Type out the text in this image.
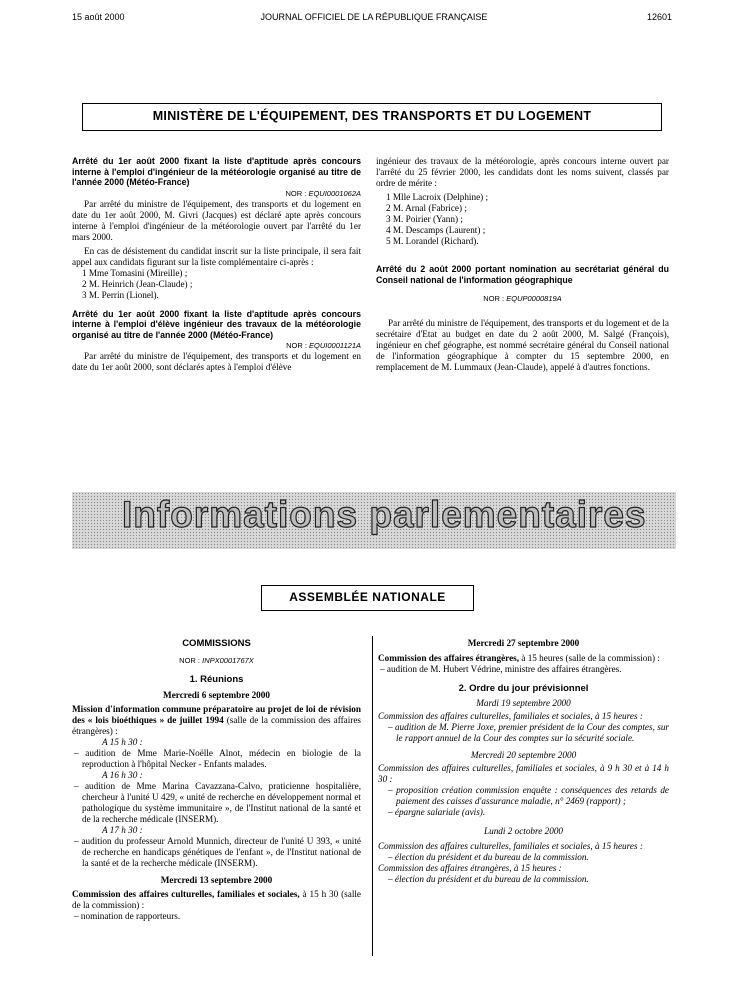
15 août 2000	JOURNAL OFFICIEL DE LA RÉPUBLIQUE FRANÇAISE	12601
MINISTÈRE DE L'ÉQUIPEMENT, DES TRANSPORTS ET DU LOGEMENT

Arrêté du 1er août 2000 fixant la liste d'aptitude après concours interne à l'emploi d'ingénieur de la météorologie organisé au titre de l'année 2000 (Météo-France)

NOR : EQUI0001062A

Par arrêté du ministre de l'équipement, des transports et du logement en date du 1er août 2000, M. Givri (Jacques) est déclaré apte après concours interne à l'emploi d'ingénieur de la météorologie ouvert par l'arrêté du 1er mars 2000.

En cas de désistement du candidat inscrit sur la liste principale, il sera fait appel aux candidats figurant sur la liste complémentaire ci-après :

1 Mme Tomasini (Mireille) ;

2 M. Heinrich (Jean-Claude) ;

3 M. Perrin (Lionel).

Arrêté du 1er août 2000 fixant la liste d'aptitude après concours interne à l'emploi d'élève ingénieur des travaux de la météorologie organisé au titre de l'année 2000 (Météo-France)

NOR : EQUI0001121A

Par arrêté du ministre de l'équipement, des transports et du logement en date du 1er août 2000, sont déclarés aptes à l'emploi d'élève

ingénieur des travaux de la météorologie, après concours interne ouvert par l'arrêté du 25 février 2000, les candidats dont les noms suivent, classés par ordre de mérite :

1 Mlle Lacroix (Delphine) ;

2 M. Arnal (Fabrice) ;

3 M. Poirier (Yann) ;

4 M. Descamps (Laurent) ;

5 M. Lorandel (Richard).

Arrêté du 2 août 2000 portant nomination au secrétariat général du Conseil national de l'information géographique

NOR : EQUP0000819A

Par arrêté du ministre de l'équipement, des transports et du logement et de la secrétaire d'Etat au budget en date du 2 août 2000, M. Salgé (François), ingénieur en chef géographe, est nommé secrétaire général du Conseil national de l'information géographique à compter du 15 septembre 2000, en remplacement de M. Lummaux (Jean-Claude), appelé à d'autres fonctions.

Informations parlementaires
ASSEMBLÉE NATIONALE

COMMISSIONS

NOR : INPX0001767X

1. Réunions

Mercredi 6 septembre 2000

Mission d'information commune préparatoire au projet de loi de révision des « lois bioéthiques » de juillet 1994 (salle de la commission des affaires étrangères) :

A 15 h 30 :

– audition de Mme Marie-Noëlle Alnot, médecin en biologie de la reproduction à l'hôpital Necker - Enfants malades.

A 16 h 30 :

– audition de Mme Marina Cavazzana-Calvo, praticienne hospitalière, chercheur à l'unité U 429, « unité de recherche en développement normal et pathologique du système immunitaire », de l'Institut national de la santé et de la recherche médicale (INSERM).

A 17 h 30 :

– audition du professeur Arnold Munnich, directeur de l'unité U 393, « unité de recherche en handicaps génétiques de l'enfant », de l'Institut national de la santé et de la recherche médicale (INSERM).

Mercredi 13 septembre 2000

Commission des affaires culturelles, familiales et sociales, à 15 h 30 (salle de la commission) :

– nomination de rapporteurs.

Mercredi 27 septembre 2000

Commission des affaires étrangères, à 15 heures (salle de la commission) :

– audition de M. Hubert Védrine, ministre des affaires étrangères.

2. Ordre du jour prévisionnel

Mardi 19 septembre 2000

Commission des affaires culturelles, familiales et sociales, à 15 heures :

– audition de M. Pierre Joxe, premier président de la Cour des comptes, sur le rapport annuel de la Cour des comptes sur la sécurité sociale.

Mercredi 20 septembre 2000

Commission des affaires culturelles, familiales et sociales, à 9 h 30 et à 14 h 30 :

– proposition création commission enquête : conséquences des retards de paiement des caisses d'assurance maladie, n° 2469 (rapport) ;

– épargne salariale (avis).

Lundi 2 octobre 2000

Commission des affaires culturelles, familiales et sociales, à 15 heures :

– élection du président et du bureau de la commission.

Commission des affaires étrangères, à 15 heures :

– élection du président et du bureau de la commission.
